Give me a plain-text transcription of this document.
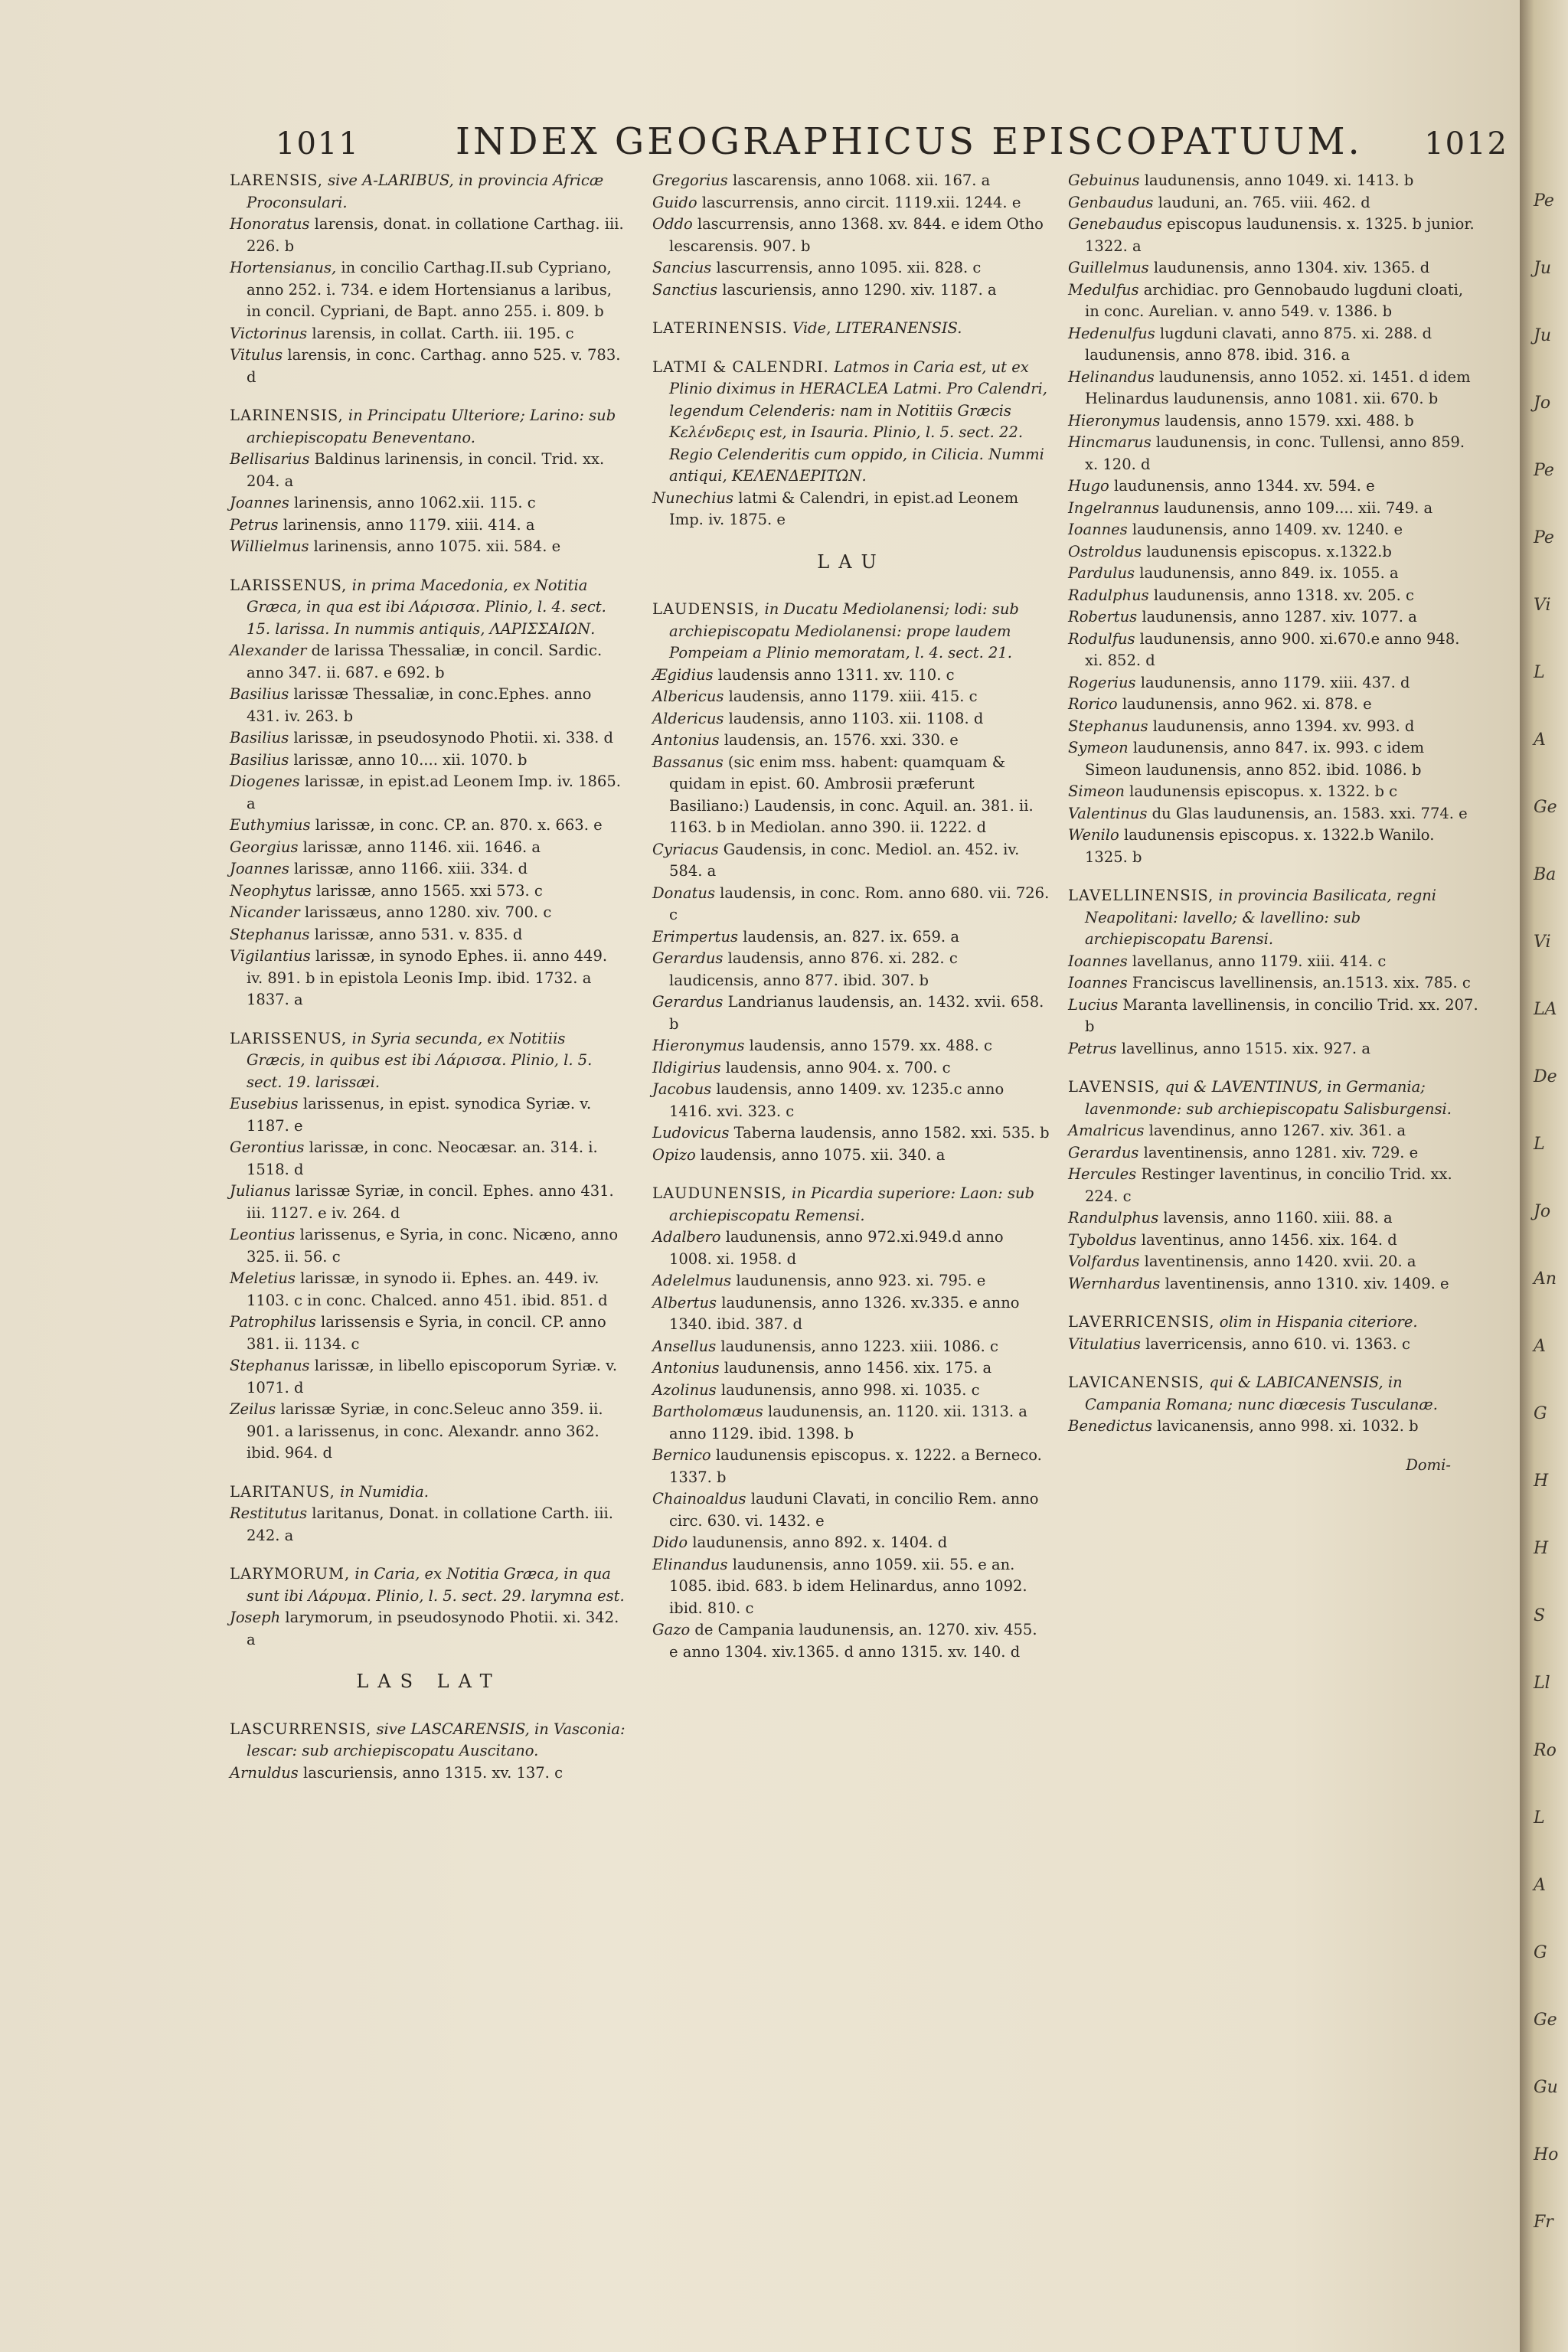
1011	INDEX GEOGRAPHICUS EPISCOPATUUM. 1012
LARENSIS, sive A-LARIBUS, in provincia Africæ Proconsulari.
Honoratus larensis, donat. in collatione Carthag. iii. 226. b
Hortensianus, in concilio Carthag.II.sub Cypriano, anno 252. i. 734. e idem Hortensianus a laribus, in concil. Cypriani, de Bapt. anno 255. i. 809. b
Victorinus larensis, in collat. Carth. iii. 195. c
Vitulus larensis, in conc. Carthag. anno 525. v. 783. d
LARINENSIS, in Principatu Ulteriore; Larino: sub archiepiscopatu Beneventano.
Bellisarius Baldinus larinensis, in concil. Trid. xx. 204. a
Joannes larinensis, anno 1062.xii. 115. c
Petrus larinensis, anno 1179. xiii. 414. a
Willielmus larinensis, anno 1075. xii. 584. e
LARISSENUS, in prima Macedonia, ex Notitia Græca, in qua est ibi Λάρισσα. Plinio, l. 4. sect. 15. larissa. In nummis antiquis, ΛΑΡΙΣΣΑΙΩΝ.
Alexander de larissa Thessaliæ, in concil. Sardic. anno 347. ii. 687. e 692. b
Basilius larissæ Thessaliæ, in conc.Ephes. anno 431. iv. 263. b
Basilius larissæ, in pseudosynodo Photii. xi. 338. d
Basilius larissæ, anno 10.... xii. 1070. b
Diogenes larissæ, in epist.ad Leonem Imp. iv. 1865. a
Euthymius larissæ, in conc. CP. an. 870. x. 663. e
Georgius larissæ, anno 1146. xii. 1646. a
Joannes larissæ, anno 1166. xiii. 334. d
Neophytus larissæ, anno 1565. xxi 573. c
Nicander larissæus, anno 1280. xiv. 700. c
Stephanus larissæ, anno 531. v. 835. d
Vigilantius larissæ, in synodo Ephes. ii. anno 449. iv. 891. b in epistola Leonis Imp. ibid. 1732. a 1837. a
LARISSENUS, in Syria secunda, ex Notitiis Græcis, in quibus est ibi Λάρισσα. Plinio, l. 5. sect. 19. larissæi.
Eusebius larissenus, in epist. synodica Syriæ. v. 1187. e
Gerontius larissæ, in conc. Neocæsar. an. 314. i. 1518. d
Julianus larissæ Syriæ, in concil. Ephes. anno 431. iii. 1127. e iv. 264. d
Leontius larissenus, e Syria, in conc. Nicæno, anno 325. ii. 56. c
Meletius larissæ, in synodo ii. Ephes. an. 449. iv. 1103. c in conc. Chalced. anno 451. ibid. 851. d
Patrophilus larissensis e Syria, in concil. CP. anno 381. ii. 1134. c
Stephanus larissæ, in libello episcoporum Syriæ. v. 1071. d
Zeilus larissæ Syriæ, in conc.Seleuc anno 359. ii. 901. a larissenus, in conc. Alexandr. anno 362. ibid. 964. d
LARITANUS, in Numidia.
Restitutus laritanus, Donat. in collatione Carth. iii. 242. a
LARYMORUM, in Caria, ex Notitia Græca, in qua sunt ibi Λάρυμα. Plinio, l. 5. sect. 29. larymna est.
Joseph larymorum, in pseudosynodo Photii. xi. 342. a
LAS LAT
LASCURRENSIS, sive LASCARENSIS, in Vasconia: lescar: sub archiepiscopatu Auscitano.
Arnuldus lascuriensis, anno 1315. xv. 137. c
Gregorius lascarensis, anno 1068. xii. 167. a
Guido lascurrensis, anno circit. 1119.xii. 1244. e
Oddo lascurrensis, anno 1368. xv. 844. e idem Otho lescarensis. 907. b
Sancius lascurrensis, anno 1095. xii. 828. c
Sanctius lascuriensis, anno 1290. xiv. 1187. a
LATERINENSIS. Vide, LITERANENSIS.
LATMI & CALENDRI. Latmos in Caria est, ut ex Plinio diximus in HERACLEA Latmi. Pro Calendri, legendum Celenderis: nam in Notitiis Græcis Κελένδερις est, in Isauria. Plinio, l. 5. sect. 22. Regio Celenderitis cum oppido, in Cilicia. Nummi antiqui, ΚΕΛΕΝΔΕΡΙΤΩΝ.
Nunechius latmi & Calendri, in epist.ad Leonem Imp. iv. 1875. e
LAU
LAUDENSIS, in Ducatu Mediolanensi; lodi: sub archiepiscopatu Mediolanensi: prope laudem Pompeiam a Plinio memoratam, l. 4. sect. 21.
Ægidius laudensis anno 1311. xv. 110. c
Albericus laudensis, anno 1179. xiii. 415. c
Aldericus laudensis, anno 1103. xii. 1108. d
Antonius laudensis, an. 1576. xxi. 330. e
Bassanus (sic enim mss. habent: quamquam & quidam in epist. 60. Ambrosii præferunt Basiliano:) Laudensis, in conc. Aquil. an. 381. ii. 1163. b in Mediolan. anno 390. ii. 1222. d
Cyriacus Gaudensis, in conc. Mediol. an. 452. iv. 584. a
Donatus laudensis, in conc. Rom. anno 680. vii. 726. c
Erimpertus laudensis, an. 827. ix. 659. a
Gerardus laudensis, anno 876. xi. 282. c laudicensis, anno 877. ibid. 307. b
Gerardus Landrianus laudensis, an. 1432. xvii. 658. b
Hieronymus laudensis, anno 1579. xx. 488. c
Ildigirius laudensis, anno 904. x. 700. c
Jacobus laudensis, anno 1409. xv. 1235.c anno 1416. xvi. 323. c
Ludovicus Taberna laudensis, anno 1582. xxi. 535. b
Opizo laudensis, anno 1075. xii. 340. a
LAUDUNENSIS, in Picardia superiore: Laon: sub archiepiscopatu Remensi.
Adalbero laudunensis, anno 972.xi.949.d anno 1008. xi. 1958. d
Adelelmus laudunensis, anno 923. xi. 795. e
Albertus laudunensis, anno 1326. xv.335. e anno 1340. ibid. 387. d
Ansellus laudunensis, anno 1223. xiii. 1086. c
Antonius laudunensis, anno 1456. xix. 175. a
Azolinus laudunensis, anno 998. xi. 1035. c
Bartholomæus laudunensis, an. 1120. xii. 1313. a anno 1129. ibid. 1398. b
Bernico laudunensis episcopus. x. 1222. a Berneco. 1337. b
Chainoaldus lauduni Clavati, in concilio Rem. anno circ. 630. vi. 1432. e
Dido laudunensis, anno 892. x. 1404. d
Elinandus laudunensis, anno 1059. xii. 55. e an. 1085. ibid. 683. b idem Helinardus, anno 1092. ibid. 810. c
Gazo de Campania laudunensis, an. 1270. xiv. 455. e anno 1304. xiv.1365. d anno 1315. xv. 140. d
Gebuinus laudunensis, anno 1049. xi. 1413. b
Genbaudus lauduni, an. 765. viii. 462. d
Genebaudus episcopus laudunensis. x. 1325. b junior. 1322. a
Guillelmus laudunensis, anno 1304. xiv. 1365. d
Medulfus archidiac. pro Gennobaudo lugduni cloati, in conc. Aurelian. v. anno 549. v. 1386. b
Hedenulfus lugduni clavati, anno 875. xi. 288. d laudunensis, anno 878. ibid. 316. a
Helinandus laudunensis, anno 1052. xi. 1451. d idem Helinardus laudunensis, anno 1081. xii. 670. b
Hieronymus laudensis, anno 1579. xxi. 488. b
Hincmarus laudunensis, in conc. Tullensi, anno 859. x. 120. d
Hugo laudunensis, anno 1344. xv. 594. e
Ingelrannus laudunensis, anno 109.... xii. 749. a
Ioannes laudunensis, anno 1409. xv. 1240. e
Ostroldus laudunensis episcopus. x.1322.b
Pardulus laudunensis, anno 849. ix. 1055. a
Radulphus laudunensis, anno 1318. xv. 205. c
Robertus laudunensis, anno 1287. xiv. 1077. a
Rodulfus laudunensis, anno 900. xi.670.e anno 948. xi. 852. d
Rogerius laudunensis, anno 1179. xiii. 437. d
Rorico laudunensis, anno 962. xi. 878. e
Stephanus laudunensis, anno 1394. xv. 993. d
Symeon laudunensis, anno 847. ix. 993. c idem Simeon laudunensis, anno 852. ibid. 1086. b
Simeon laudunensis episcopus. x. 1322. b c
Valentinus du Glas laudunensis, an. 1583. xxi. 774. e
Wenilo laudunensis episcopus. x. 1322.b Wanilo. 1325. b
LAVELLINENSIS, in provincia Basilicata, regni Neapolitani: lavello; & lavellino: sub archiepiscopatu Barensi.
Ioannes lavellanus, anno 1179. xiii. 414. c
Ioannes Franciscus lavellinensis, an.1513. xix. 785. c
Lucius Maranta lavellinensis, in concilio Trid. xx. 207. b
Petrus lavellinus, anno 1515. xix. 927. a
LAVENSIS, qui & LAVENTINUS, in Germania; lavenmonde: sub archiepiscopatu Salisburgensi.
Amalricus lavendinus, anno 1267. xiv. 361. a
Gerardus laventinensis, anno 1281. xiv. 729. e
Hercules Restinger laventinus, in concilio Trid. xx. 224. c
Randulphus lavensis, anno 1160. xiii. 88. a
Tyboldus laventinus, anno 1456. xix. 164. d
Volfardus laventinensis, anno 1420. xvii. 20. a
Wernhardus laventinensis, anno 1310. xiv. 1409. e
LAVERRICENSIS, olim in Hispania citeriore.
Vitulatius laverricensis, anno 610. vi. 1363. c
LAVICANENSIS, qui & LABICANENSIS, in Campania Romana; nunc diœcesis Tusculanæ.
Benedictus lavicanensis, anno 998. xi. 1032. b
Domi-
Pe
Ju
Ju
Jo
Pe
Pe
Vi
L
A
Ge
Ba
Vi
LA
De
L
Jo
An
A
G
H
H
S
Ll
Ro
L
A
G
Ge
Gu
Ho
Fr
